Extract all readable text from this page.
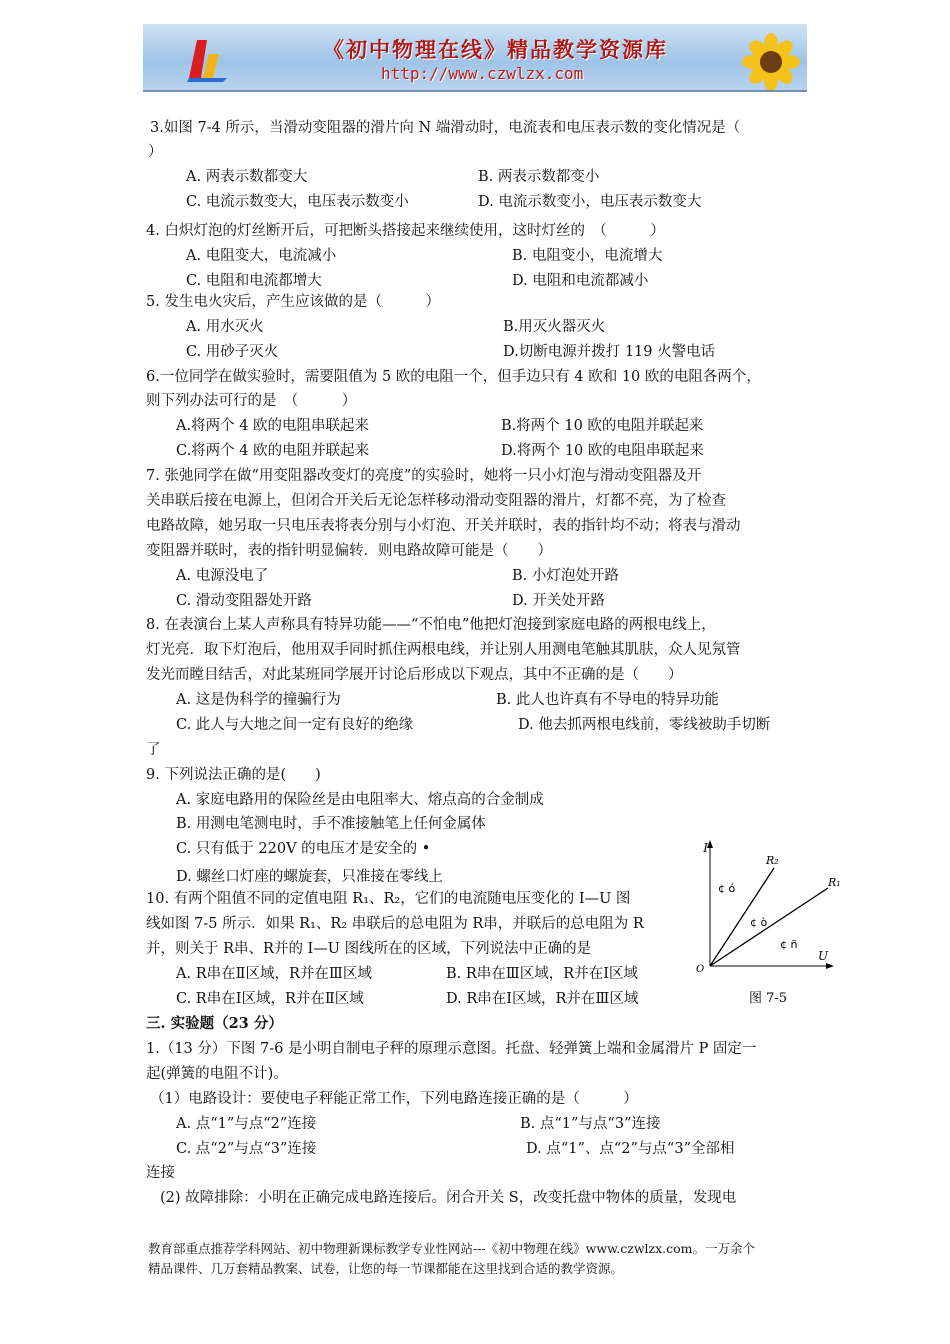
《初中物理在线》精品教学资源库
http://www.czwlzx.com
3.如图 7-4 所示，当滑动变阻器的滑片向 N 端滑动时，电流表和电压表示数的变化情况是（
）
A. 两表示数都变大	B. 两表示数都变小
C. 电流示数变大，电压表示数变小	D. 电流示数变小，电压表示数变大
4. 白炽灯泡的灯丝断开后，可把断头搭接起来继续使用，这时灯丝的　（　　　）
A. 电阻变大，电流减小	B. 电阻变小，电流增大
C. 电阻和电流都增大	D. 电阻和电流都减小
5. 发生电火灾后，产生应该做的是（　　　）
A. 用水灭火	B.用灭火器灭火
C. 用砂子灭火	D.切断电源并拨打 119 火警电话
6.一位同学在做实验时，需要阻值为 5 欧的电阻一个，但手边只有 4 欧和 10 欧的电阻各两个，
则下列办法可行的是　（　　　）
A.将两个 4 欧的电阻串联起来	B.将两个 10 欧的电阻并联起来
C.将两个 4 欧的电阻并联起来	D.将两个 10 欧的电阻串联起来
7. 张弛同学在做“用变阻器改变灯的亮度”的实验时，她将一只小灯泡与滑动变阻器及开
关串联后接在电源上，但闭合开关后无论怎样移动滑动变阻器的滑片，灯都不亮，为了检查
电路故障，她另取一只电压表将表分别与小灯泡、开关并联时，表的指针均不动；将表与滑动
变阻器并联时，表的指针明显偏转．则电路故障可能是（　　）
A. 电源没电了	B. 小灯泡处开路
C. 滑动变阻器处开路	D. 开关处开路
8. 在表演台上某人声称具有特异功能——“不怕电”他把灯泡接到家庭电路的两根电线上，
灯光亮．取下灯泡后，他用双手同时抓住两根电线，并让别人用测电笔触其肌肤，众人见氖管
发光而瞠目结舌，对此某班同学展开讨论后形成以下观点，其中不正确的是（　　）
A. 这是伪科学的撞骗行为	B. 此人也许真有不导电的特异功能
C. 此人与大地之间一定有良好的绝缘	D. 他去抓两根电线前，零线被助手切断
了
9. 下列说法正确的是(　　)
A. 家庭电路用的保险丝是由电阻率大、熔点高的合金制成
B. 用测电笔测电时，手不准接触笔上任何金属体
C. 只有低于 220V 的电压才是安全的 •
D. 螺丝口灯座的螺旋套，只准接在零线上
10. 有两个阻值不同的定值电阻 R₁、R₂，它们的电流随电压变化的 I—U 图
线如图 7-5 所示．如果 R₁、R₂ 串联后的总电阻为 R串，并联后的总电阻为 R
并，则关于 R串、R并的 I—U 图线所在的区域，下列说法中正确的是
A. R串在Ⅱ区域，R并在Ⅲ区域	B. R串在Ⅲ区域，R并在Ⅰ区域
C. R串在Ⅰ区域，R并在Ⅱ区域	D. R串在Ⅰ区域，R并在Ⅲ区域
三. 实验题（23 分）
1.（13 分）下图 7-6 是小明自制电子秤的原理示意图。托盘、轻弹簧上端和金属滑片 P 固定一
起(弹簧的电阻不计)。
（1）电路设计：要使电子秤能正常工作，下列电路连接正确的是（　　　）
A. 点“1”与点“2”连接	B. 点“1”与点“3”连接
C. 点“2”与点“3”连接	D. 点“1”、点“2”与点“3”全部相
连接
(2) 故障排除：小明在正确完成电路连接后。闭合开关 S，改变托盘中物体的质量，发现电
I
U
O
R₂
R₁
¢ ó
¢ ò
¢ ñ
图 7-5
教育部重点推荐学科网站、初中物理新课标教学专业性网站---《初中物理在线》www.czwlzx.com。一万余个
精品课件、几万套精品教案、试卷，让您的每一节课都能在这里找到合适的教学资源。
